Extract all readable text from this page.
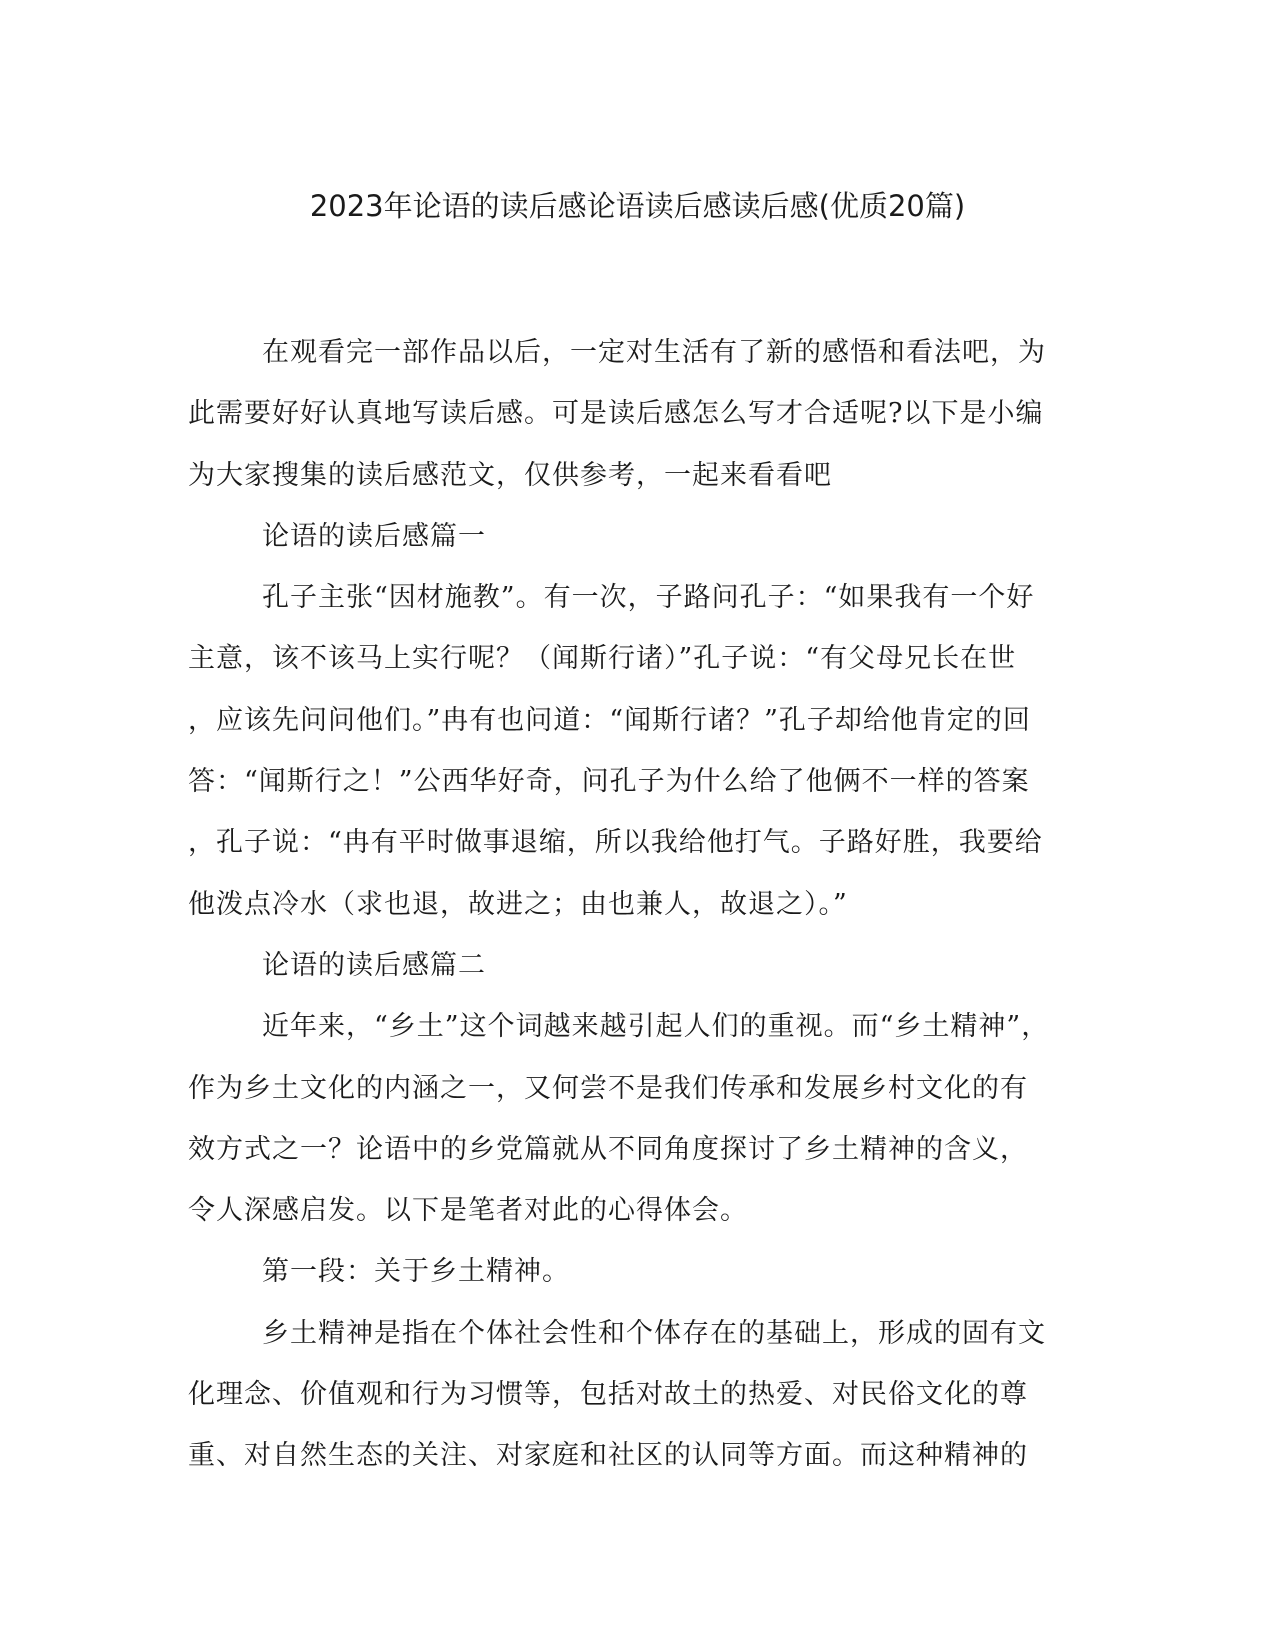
2023年论语的读后感论语读后感读后感(优质20篇)
在观看完一部作品以后，一定对生活有了新的感悟和看法吧，为
此需要好好认真地写读后感。可是读后感怎么写才合适呢?以下是小编
为大家搜集的读后感范文，仅供参考，一起来看看吧
论语的读后感篇一
孔子主张“因材施教”。有一次，子路问孔子：“如果我有一个好
主意，该不该马上实行呢？（闻斯行诸）”孔子说：“有父母兄长在世
，应该先问问他们。”冉有也问道：“闻斯行诸？”孔子却给他肯定的回
答：“闻斯行之！”公西华好奇，问孔子为什么给了他俩不一样的答案
，孔子说：“冉有平时做事退缩，所以我给他打气。子路好胜，我要给
他泼点冷水（求也退，故进之；由也兼人，故退之）。”
论语的读后感篇二
近年来，“乡土”这个词越来越引起人们的重视。而“乡土精神”，
作为乡土文化的内涵之一，又何尝不是我们传承和发展乡村文化的有
效方式之一？论语中的乡党篇就从不同角度探讨了乡土精神的含义，
令人深感启发。以下是笔者对此的心得体会。
第一段：关于乡土精神。
乡土精神是指在个体社会性和个体存在的基础上，形成的固有文
化理念、价值观和行为习惯等，包括对故土的热爱、对民俗文化的尊
重、对自然生态的关注、对家庭和社区的认同等方面。而这种精神的
